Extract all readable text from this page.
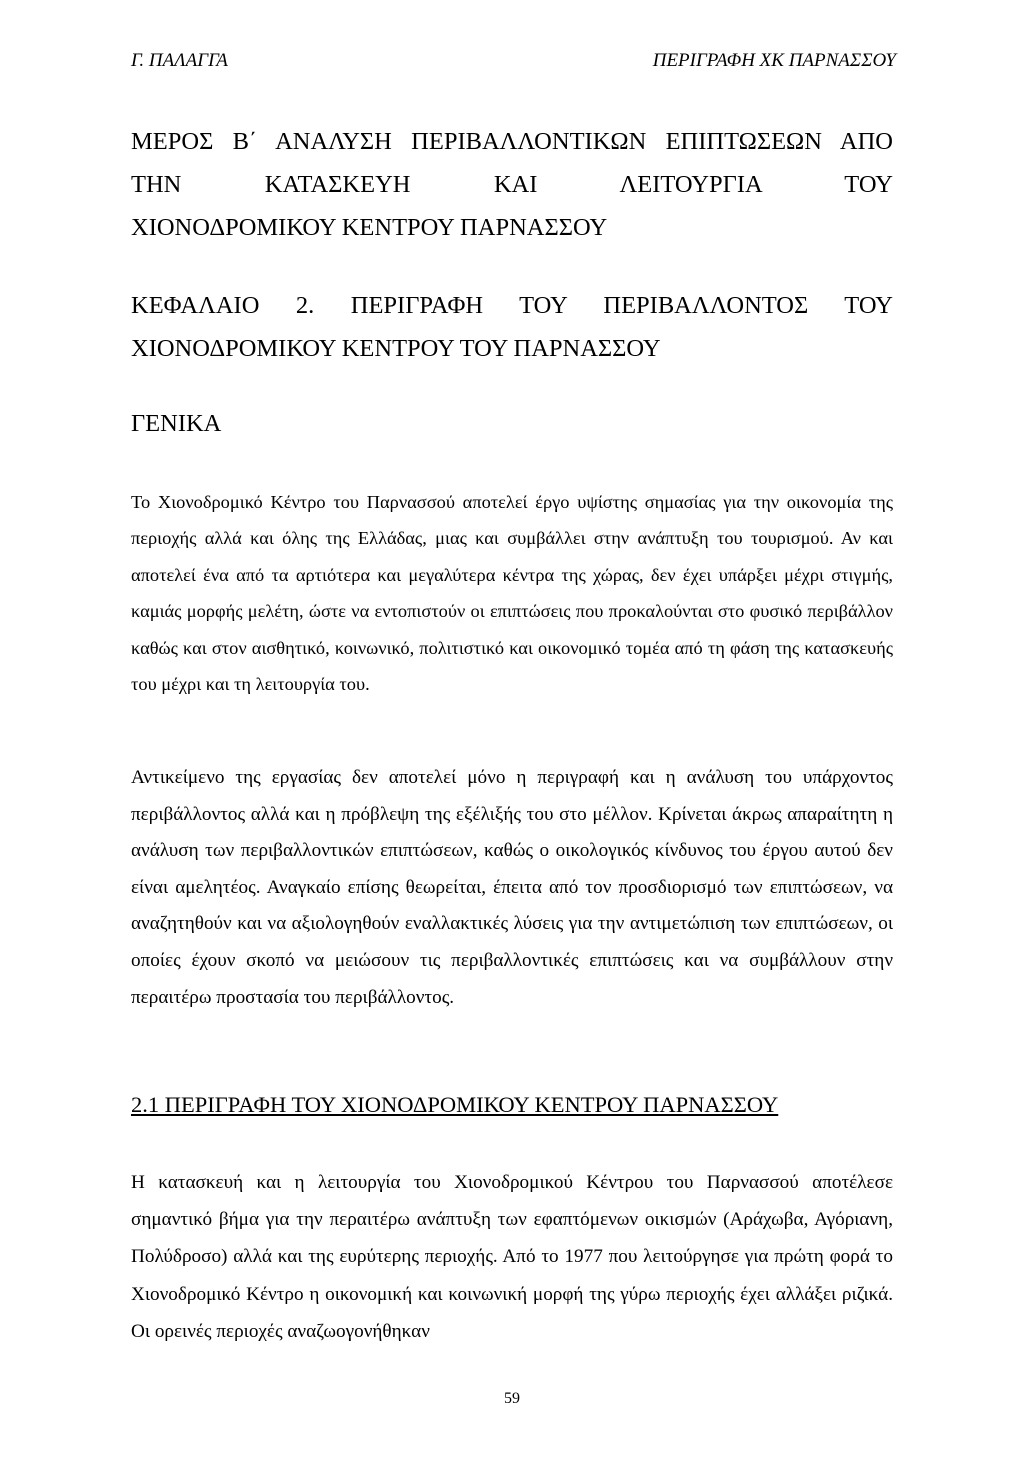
Γ. ΠΑΛΑΓΓΑ	ΠΕΡΙΓΡΑΦΗ ΧΚ ΠΑΡΝΑΣΣΟΥ
ΜΕΡΟΣ Β΄ ΑΝΑΛΥΣΗ ΠΕΡΙΒΑΛΛΟΝΤΙΚΩΝ ΕΠΙΠΤΩΣΕΩΝ ΑΠΟ
ΤΗΝ ΚΑΤΑΣΚΕΥΗ ΚΑΙ ΛΕΙΤΟΥΡΓΙΑ ΤΟΥ
ΧΙΟΝΟΔΡΟΜΙΚΟΥ ΚΕΝΤΡΟΥ ΠΑΡΝΑΣΣΟΥ
ΚΕΦΑΛΑΙΟ 2. ΠΕΡΙΓΡΑΦΗ ΤΟΥ ΠΕΡΙΒΑΛΛΟΝΤΟΣ ΤΟΥ
ΧΙΟΝΟΔΡΟΜΙΚΟΥ ΚΕΝΤΡΟΥ ΤΟΥ ΠΑΡΝΑΣΣΟΥ
ΓΕΝΙΚΑ

Το Χιονοδρομικό Κέντρο του Παρνασσού αποτελεί έργο υψίστης σημασίας για την οικονομία της περιοχής αλλά και όλης της Ελλάδας, μιας και συμβάλλει στην ανάπτυξη του τουρισμού. Αν και αποτελεί ένα από τα αρτιότερα και μεγαλύτερα κέντρα της χώρας, δεν έχει υπάρξει μέχρι στιγμής, καμιάς μορφής μελέτη, ώστε να εντοπιστούν οι επιπτώσεις που προκαλούνται στο φυσικό περιβάλλον καθώς και στον αισθητικό, κοινωνικό, πολιτιστικό και οικονομικό τομέα από τη φάση της κατασκευής του μέχρι και τη λειτουργία του.

Αντικείμενο της εργασίας δεν αποτελεί μόνο η περιγραφή και η ανάλυση του υπάρχοντος περιβάλλοντος αλλά και η πρόβλεψη της εξέλιξής του στο μέλλον. Κρίνεται άκρως απαραίτητη η ανάλυση των περιβαλλοντικών επιπτώσεων, καθώς ο οικολογικός κίνδυνος του έργου αυτού δεν είναι αμελητέος. Αναγκαίο επίσης θεωρείται, έπειτα από τον προσδιορισμό των επιπτώσεων, να αναζητηθούν και να αξιολογηθούν εναλλακτικές λύσεις για την αντιμετώπιση των επιπτώσεων, οι οποίες έχουν σκοπό να μειώσουν τις περιβαλλοντικές επιπτώσεις και να συμβάλλουν στην περαιτέρω προστασία του περιβάλλοντος.

2.1 ΠΕΡΙΓΡΑΦΗ ΤΟΥ ΧΙΟΝΟΔΡΟΜΙΚΟΥ ΚΕΝΤΡΟΥ ΠΑΡΝΑΣΣΟΥ

Η κατασκευή και η λειτουργία του Χιονοδρομικού Κέντρου του Παρνασσού αποτέλεσε σημαντικό βήμα για την περαιτέρω ανάπτυξη των εφαπτόμενων οικισμών (Αράχωβα, Αγόριανη, Πολύδροσο) αλλά και της ευρύτερης περιοχής. Από το 1977 που λειτούργησε για πρώτη φορά το Χιονοδρομικό Κέντρο η οικονομική και κοινωνική μορφή της γύρω περιοχής έχει αλλάξει ριζικά. Οι ορεινές περιοχές αναζωογονήθηκαν

59
